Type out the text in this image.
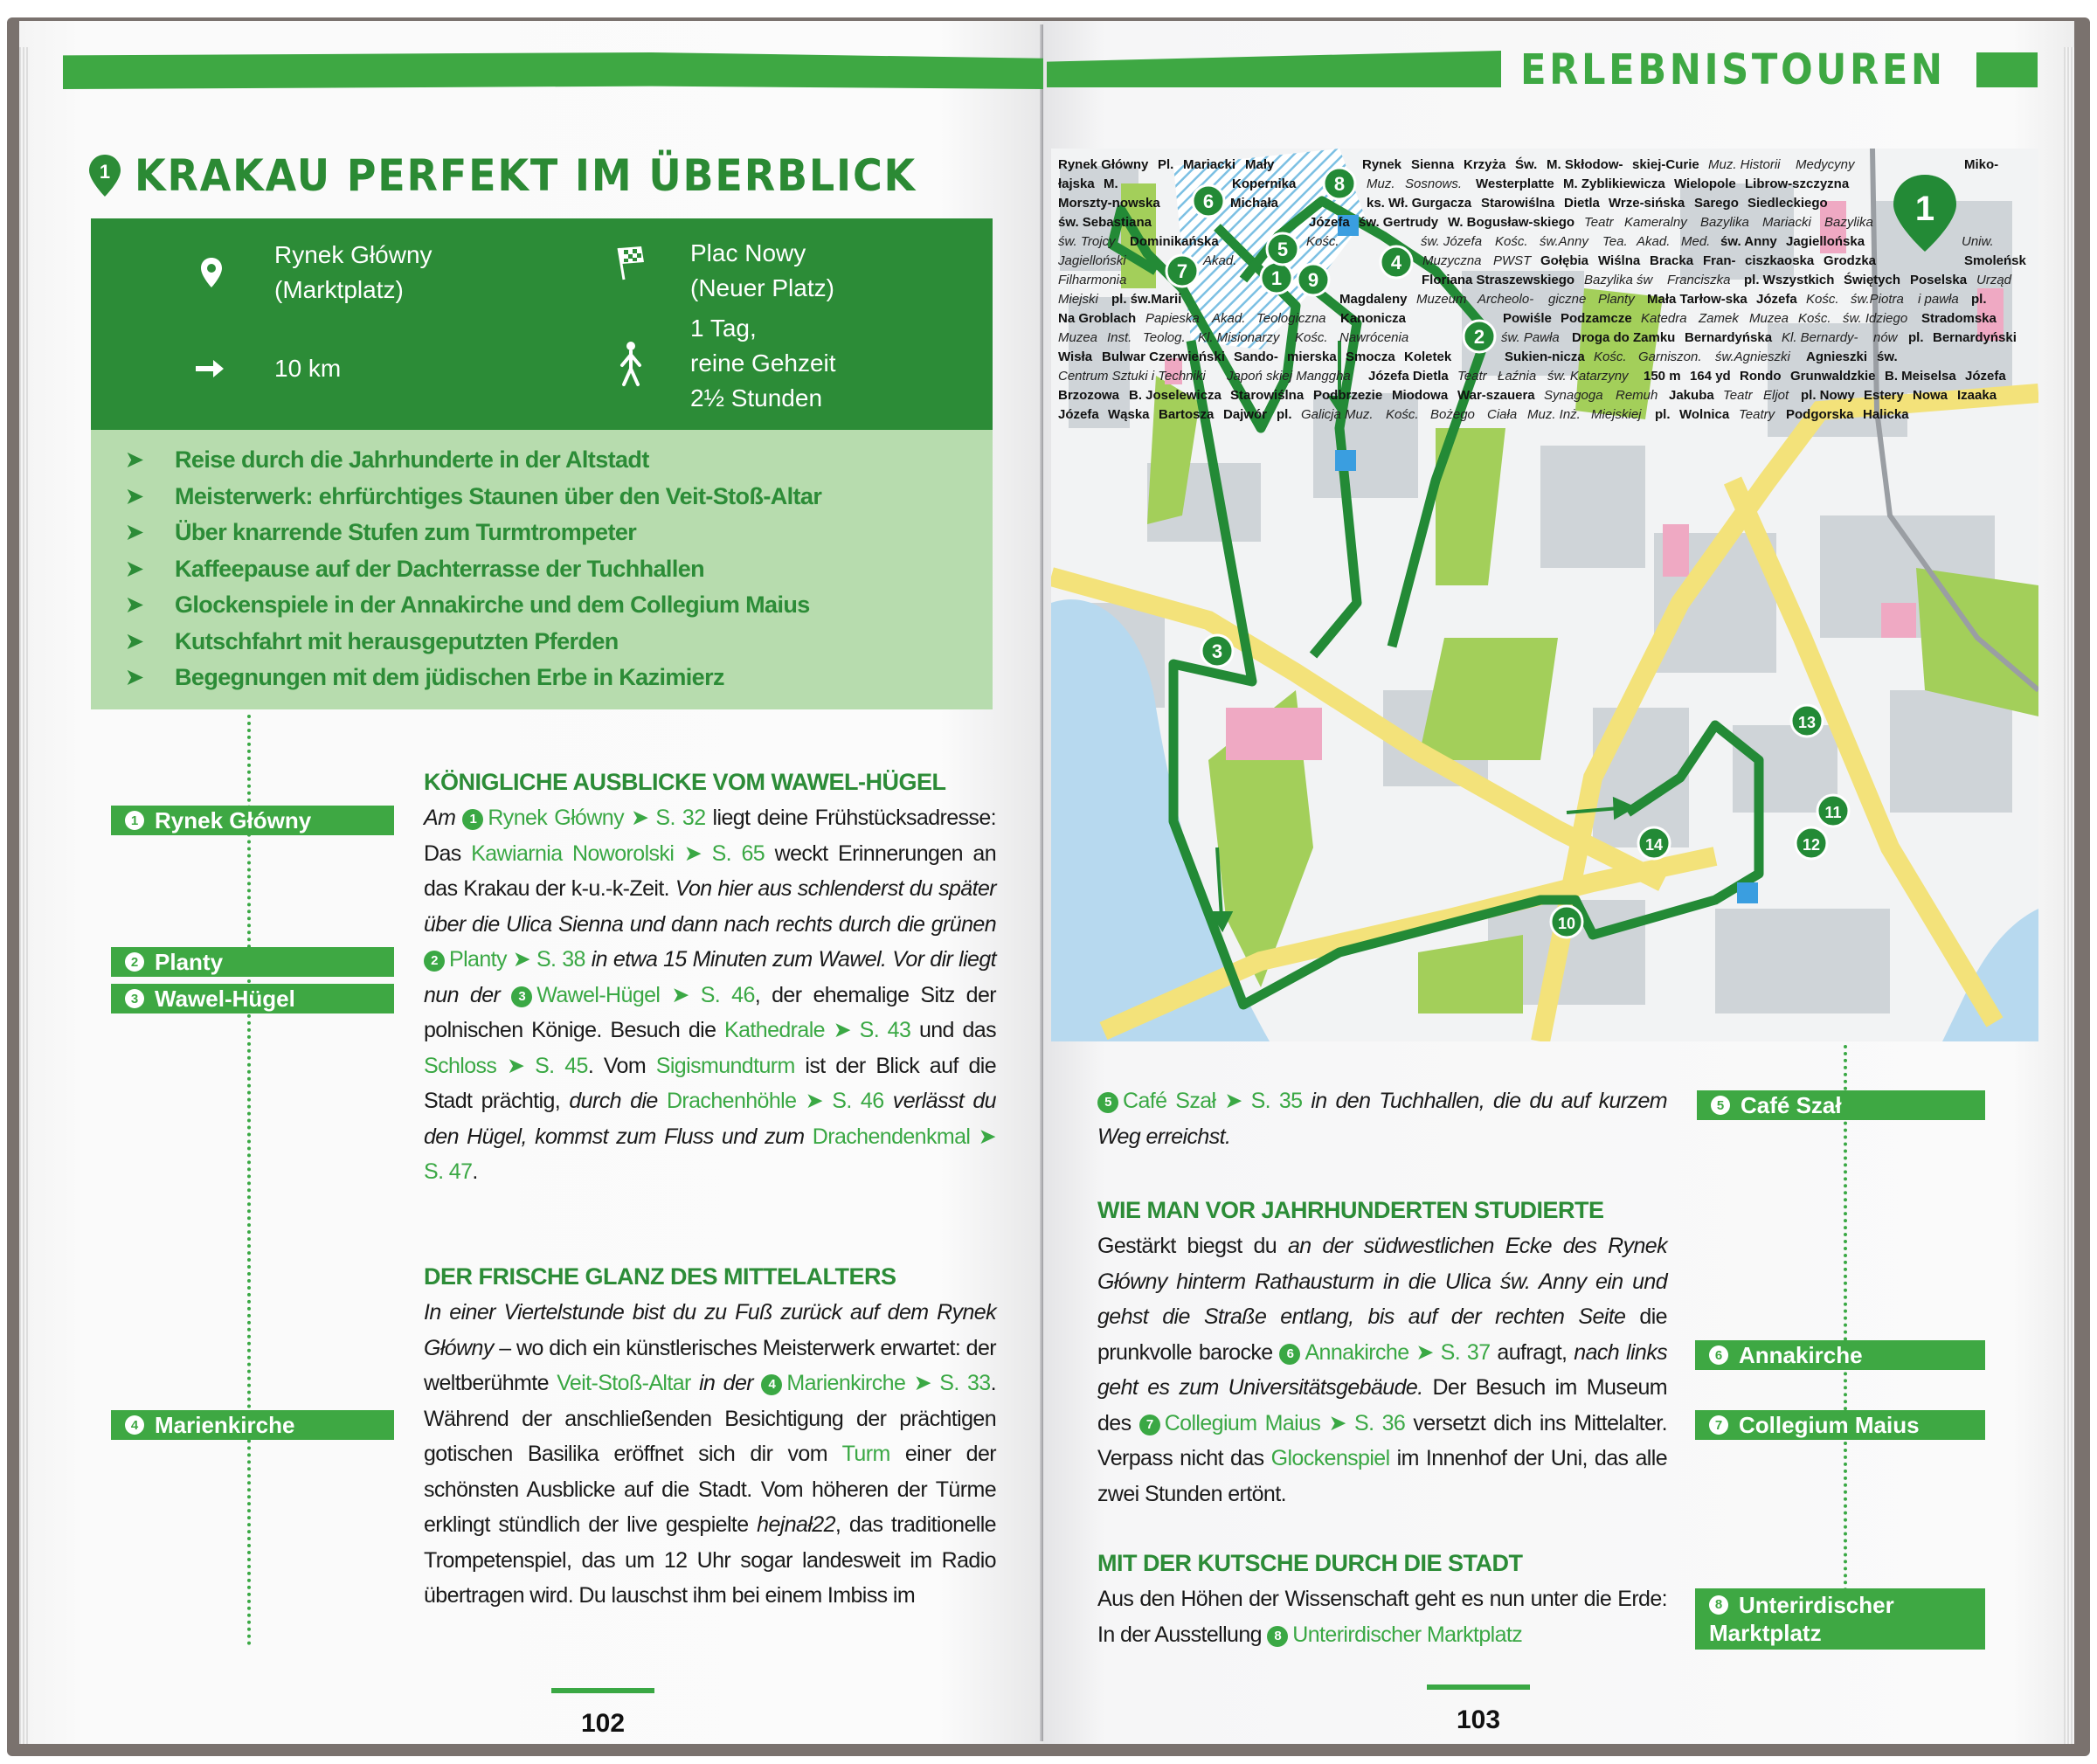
1 KRAKAU PERFEKT IM ÜBERBLICK
Rynek Główny
(Marktplatz)
Plac Nowy
(Neuer Platz)
10 km
1 Tag,
reine Gehzeit
2½ Stunden
➤	Reise durch die Jahrhunderte in der Altstadt
➤	Meisterwerk: ehrfürchtiges Staunen über den Veit-Stoß-Altar
➤	Über knarrende Stufen zum Turmtrompeter
➤	Kaffeepause auf der Dachterrasse der Tuchhallen
➤	Glockenspiele in der Annakirche und dem Collegium Maius
➤	Kutschfahrt mit herausgeputzten Pferden
➤	Begegnungen mit dem jüdischen Erbe in Kazimierz
1 Rynek Główny
2 Planty
3 Wawel-Hügel
4 Marienkirche
KÖNIGLICHE AUSBLICKE VOM WAWEL-HÜGEL
Am 1 Rynek Główny ➤ S. 32 liegt deine Frühstücksadresse: Das Kawiarnia Noworolski ➤ S. 65 weckt Erinnerungen an das Krakau der k-u.-k-Zeit. Von hier aus schlenderst du später über die Ulica Sienna und dann nach rechts durch die grünen 2 Planty ➤ S. 38 in etwa 15 Minuten zum Wawel. Vor dir liegt nun der 3 Wawel-Hügel ➤ S. 46, der ehemalige Sitz der polnischen Könige. Besuch die Kathedrale ➤ S. 43 und das Schloss ➤ S. 45. Vom Sigismundturm ist der Blick auf die Stadt prächtig, durch die Drachenhöhle ➤ S. 46 verlässt du den Hügel, kommst zum Fluss und zum Drachendenkmal ➤ S. 47.
DER FRISCHE GLANZ DES MITTELALTERS
In einer Viertelstunde bist du zu Fuß zurück auf dem Rynek Główny – wo dich ein künstlerisches Meisterwerk erwartet: der weltberühmte Veit-Stoß-Altar in der 4 Marienkirche ➤ S. 33. Während der anschließenden Besichtigung der prächtigen gotischen Basilika eröffnet sich dir vom Turm einer der schönsten Ausblicke auf die Stadt. Vom höheren der Türme erklingt stündlich der live gespielte hejnał22, das traditionelle Trompetenspiel, das um 12 Uhr sogar landesweit im Radio übertragen wird. Du lauschst ihm bei einem Imbiss im
102
ERLEBNISTOUREN
1
1
2
3
4
5
6
7
8
9
10
11
12
13
14
Rynek Główny Pl. Mariacki Mały	Rynek Sienna Krzyża Św. M. Skłodow- skiej-Curie Muz. Historii Medycyny	Miko-
łajska M.	Kopernika	Muz. Sosnows. Westerplatte M. Zyblikiewicza Wielopole Librow-szczyzna
Morszty-nowska	Michała	ks. Wł. Gurgacza Starowiślna Dietla Wrze-sińska Sarego Siedleckiego
św. Sebastiana	Józefa św. Gertrudy W. Bogusław-skiego Teatr Kameralny Bazylika Mariacki Bazylika
św. Trojcy Dominikańska	Kośc.	św. Józefa Kośc. św.Anny Tea. Akad. Med. św. Anny Jagiellońska	Uniw.
Jagielloński	Akad.	Muzyczna PWST Gołębia Wiślna Bracka Fran- ciszkaoska Grodzka	Smoleńsk
Filharmonia	Floriana Straszewskiego Bazylika św Franciszka pl. Wszystkich Świętych Poselska Urząd
Miejski pl. św.Marii	Magdaleny Muzeum Archeolo- giczne Planty Mała Tarłow-ska Józefa Kośc. św.Piotra i pawła pl.
Na Groblach Papieska Akad. Teologiczna Kanonicza	Powiśle Podzamcze Katedra Zamek Muzea Kośc. św. Idziego Stradomska
Muzea Inst. Teolog. Kl. Misionarzy Kośc. Nawrócenia	św. Pawła Droga do Zamku Bernardyńska Kl. Bernardy- nów pl. Bernardyński
Wisła Bulwar Czerwieński Sando- mierska Smocza Koletek	Sukien-nicza Kośc. Garniszon. św.Agnieszki Agnieszki św.
Centrum Sztuki i Techniki Japoń skiej Manggha Józefa Dietla Teatr Łaźnia św. Katarzyny 150 m 164 yd Rondo Grunwaldzkie B. Meiselsa Józefa
Brzozowa B. Joselewicza Starowiślna Podbrzezie Miodowa War-szauera Synagoga Remuh Jakuba Teatr Eljot pl. Nowy Estery Nowa Izaaka
Józefa Wąska Bartosza Dajwór pl. Galicja Muz. Kośc. Bożego Ciała Muz. Inż. Miejskiej pl. Wolnica Teatry Podgorska Halicka
5 Café Szał
6 Annakirche
7 Collegium Maius
8 Unterirdischer
Marktplatz
5 Café Szał ➤ S. 35 in den Tuchhallen, die du auf kurzem Weg erreichst.
WIE MAN VOR JAHRHUNDERTEN STUDIERTE
Gestärkt biegst du an der südwestlichen Ecke des Rynek Główny hinterm Rathausturm in die Ulica św. Anny ein und gehst die Straße entlang, bis auf der rechten Seite die prunkvolle barocke 6 Annakirche ➤ S. 37 aufragt, nach links geht es zum Universitätsgebäude. Der Besuch im Museum des 7 Collegium Maius ➤ S. 36 versetzt dich ins Mittelalter. Verpass nicht das Glockenspiel im Innenhof der Uni, das alle zwei Stunden ertönt.
MIT DER KUTSCHE DURCH DIE STADT
Aus den Höhen der Wissenschaft geht es nun unter die Erde: In der Ausstellung 8 Unterirdischer Marktplatz
103
